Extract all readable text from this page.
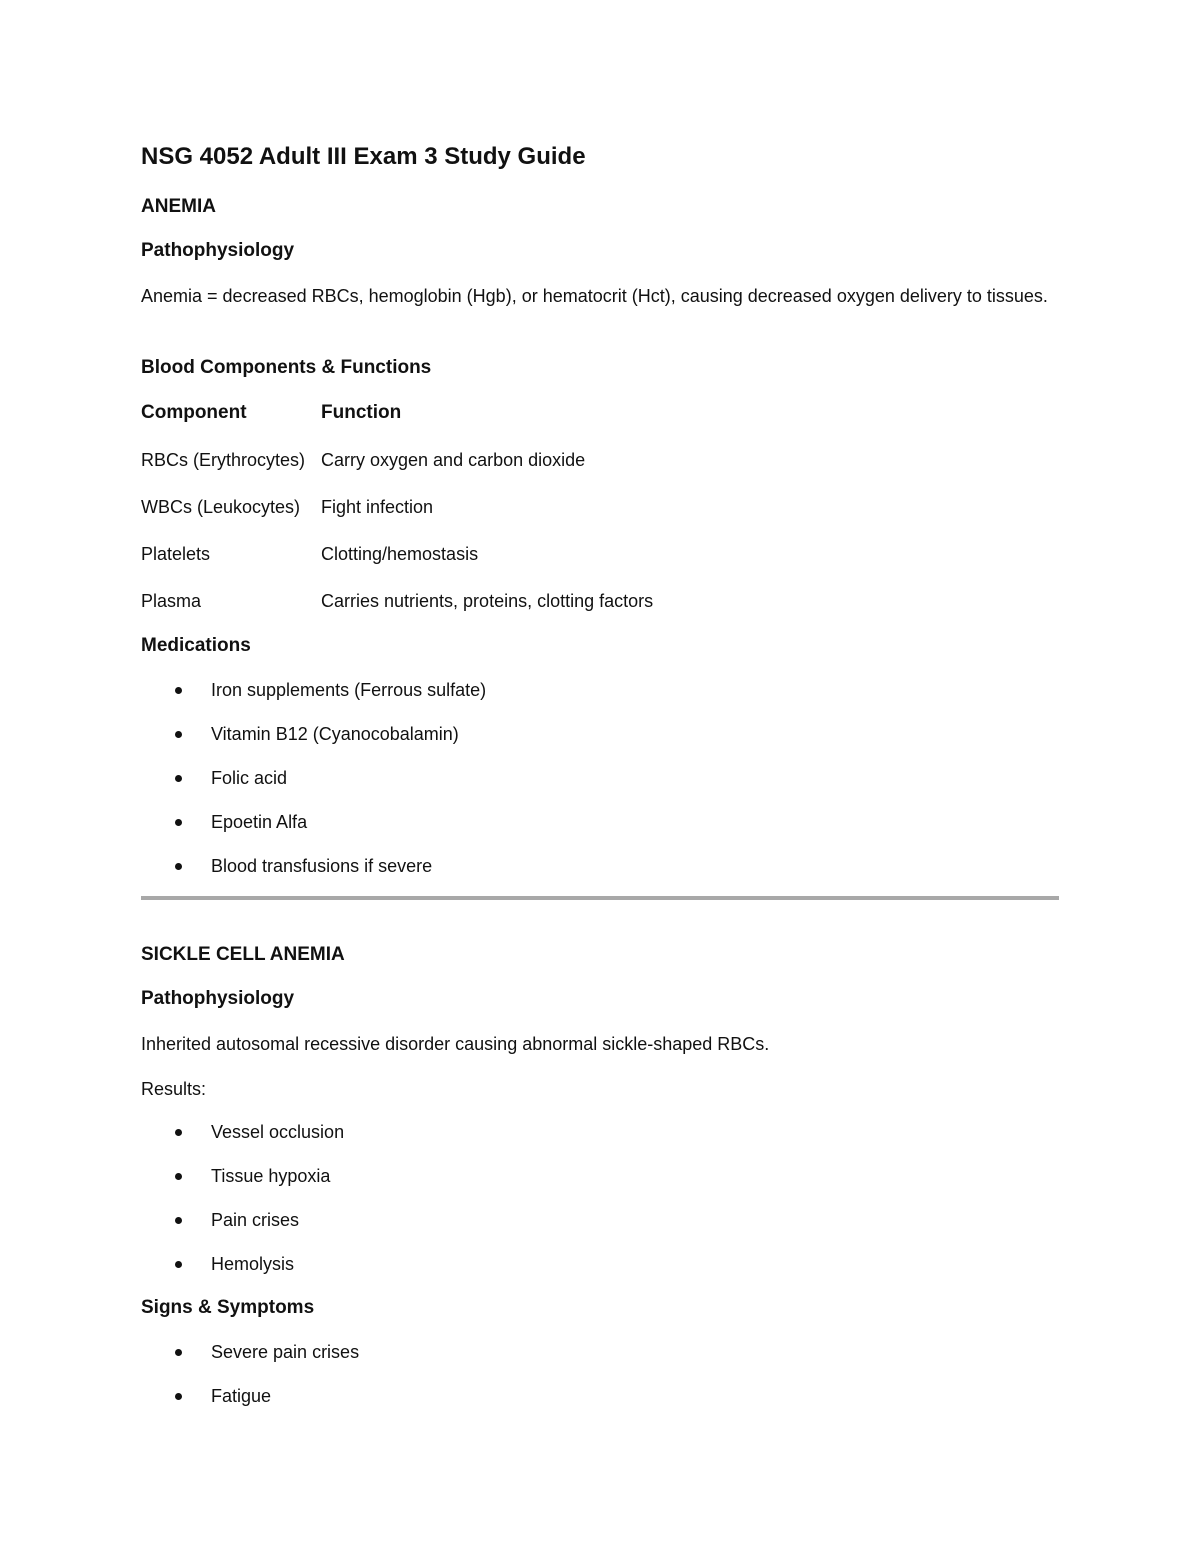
NSG 4052 Adult III Exam 3 Study Guide
ANEMIA
Pathophysiology

Anemia = decreased RBCs, hemoglobin (Hgb), or hematocrit (Hct), causing decreased oxygen delivery to tissues.

Blood Components & Functions
Component	Function
RBCs (Erythrocytes) Carry oxygen and carbon dioxide
WBCs (Leukocytes) Fight infection
Platelets	Clotting/hemostasis
Plasma	Carries nutrients, proteins, clotting factors
Medications
Iron supplements (Ferrous sulfate)
Vitamin B12 (Cyanocobalamin)
Folic acid
Epoetin Alfa
Blood transfusions if severe
SICKLE CELL ANEMIA
Pathophysiology

Inherited autosomal recessive disorder causing abnormal sickle-shaped RBCs.

Results:

Vessel occlusion
Tissue hypoxia
Pain crises
Hemolysis
Signs & Symptoms
Severe pain crises
Fatigue
